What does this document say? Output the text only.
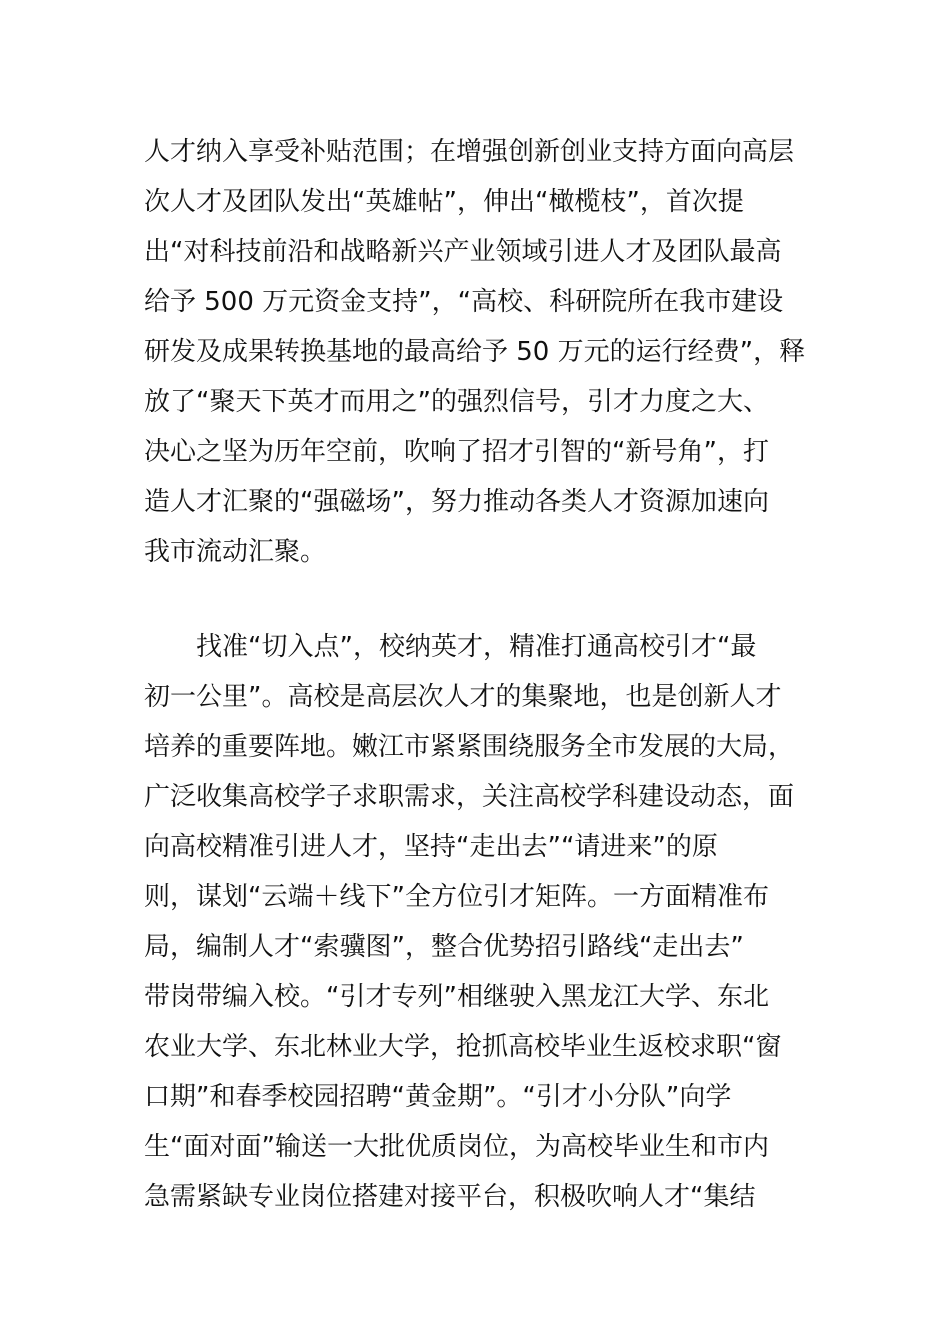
人才纳入享受补贴范围；在增强创新创业支持方面向高层
次人才及团队发出“英雄帖”，伸出“橄榄枝”，首次提
出“对科技前沿和战略新兴产业领域引进人才及团队最高
给予 500 万元资金支持”，“高校、科研院所在我市建设
研发及成果转换基地的最高给予 50 万元的运行经费”，释
放了“聚天下英才而用之”的强烈信号，引才力度之大、
决心之坚为历年空前，吹响了招才引智的“新号角”，打
造人才汇聚的“强磁场”，努力推动各类人才资源加速向
我市流动汇聚。
找准“切入点”，校纳英才，精准打通高校引才“最
初一公里”。高校是高层次人才的集聚地，也是创新人才
培养的重要阵地。嫩江市紧紧围绕服务全市发展的大局，
广泛收集高校学子求职需求，关注高校学科建设动态，面
向高校精准引进人才，坚持“走出去”“请进来”的原
则，谋划“云端＋线下”全方位引才矩阵。一方面精准布
局，编制人才“索骥图”，整合优势招引路线“走出去”
带岗带编入校。“引才专列”相继驶入黑龙江大学、东北
农业大学、东北林业大学，抢抓高校毕业生返校求职“窗
口期”和春季校园招聘“黄金期”。“引才小分队”向学
生“面对面”输送一大批优质岗位，为高校毕业生和市内
急需紧缺专业岗位搭建对接平台，积极吹响人才“集结
